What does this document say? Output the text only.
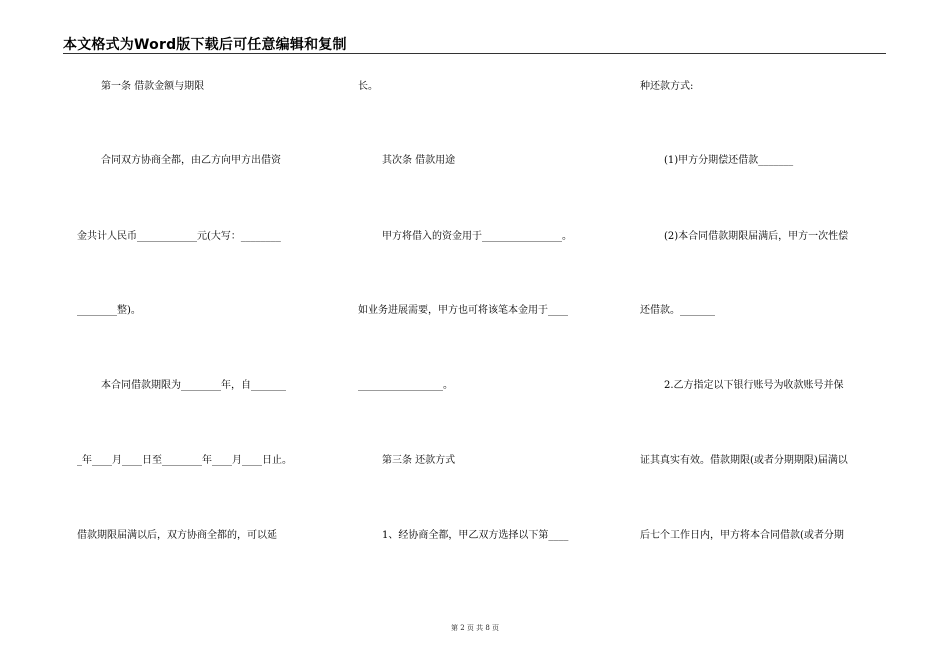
本文格式为Word版下载后可任意编辑和复制
第一条 借款金额与期限
合同双方协商全都，由乙方向甲方出借资
金共计人民币____________元(大写：________
________整)。
本合同借款期限为________年，自_______
_年____月____日至________年____月____日止。
借款期限届满以后，双方协商全都的，可以延
长。
其次条 借款用途
甲方将借入的资金用于________________。
如业务进展需要，甲方也可将该笔本金用于____
_________________。
第三条 还款方式
1、经协商全都，甲乙双方选择以下第____
种还款方式:
(1)甲方分期偿还借款_______
(2)本合同借款期限届满后，甲方一次性偿
还借款。_______
2.乙方指定以下银行账号为收款账号并保
证其真实有效。借款期限(或者分期期限)届满以
后七个工作日内，甲方将本合同借款(或者分期
第 2 页 共 8 页
